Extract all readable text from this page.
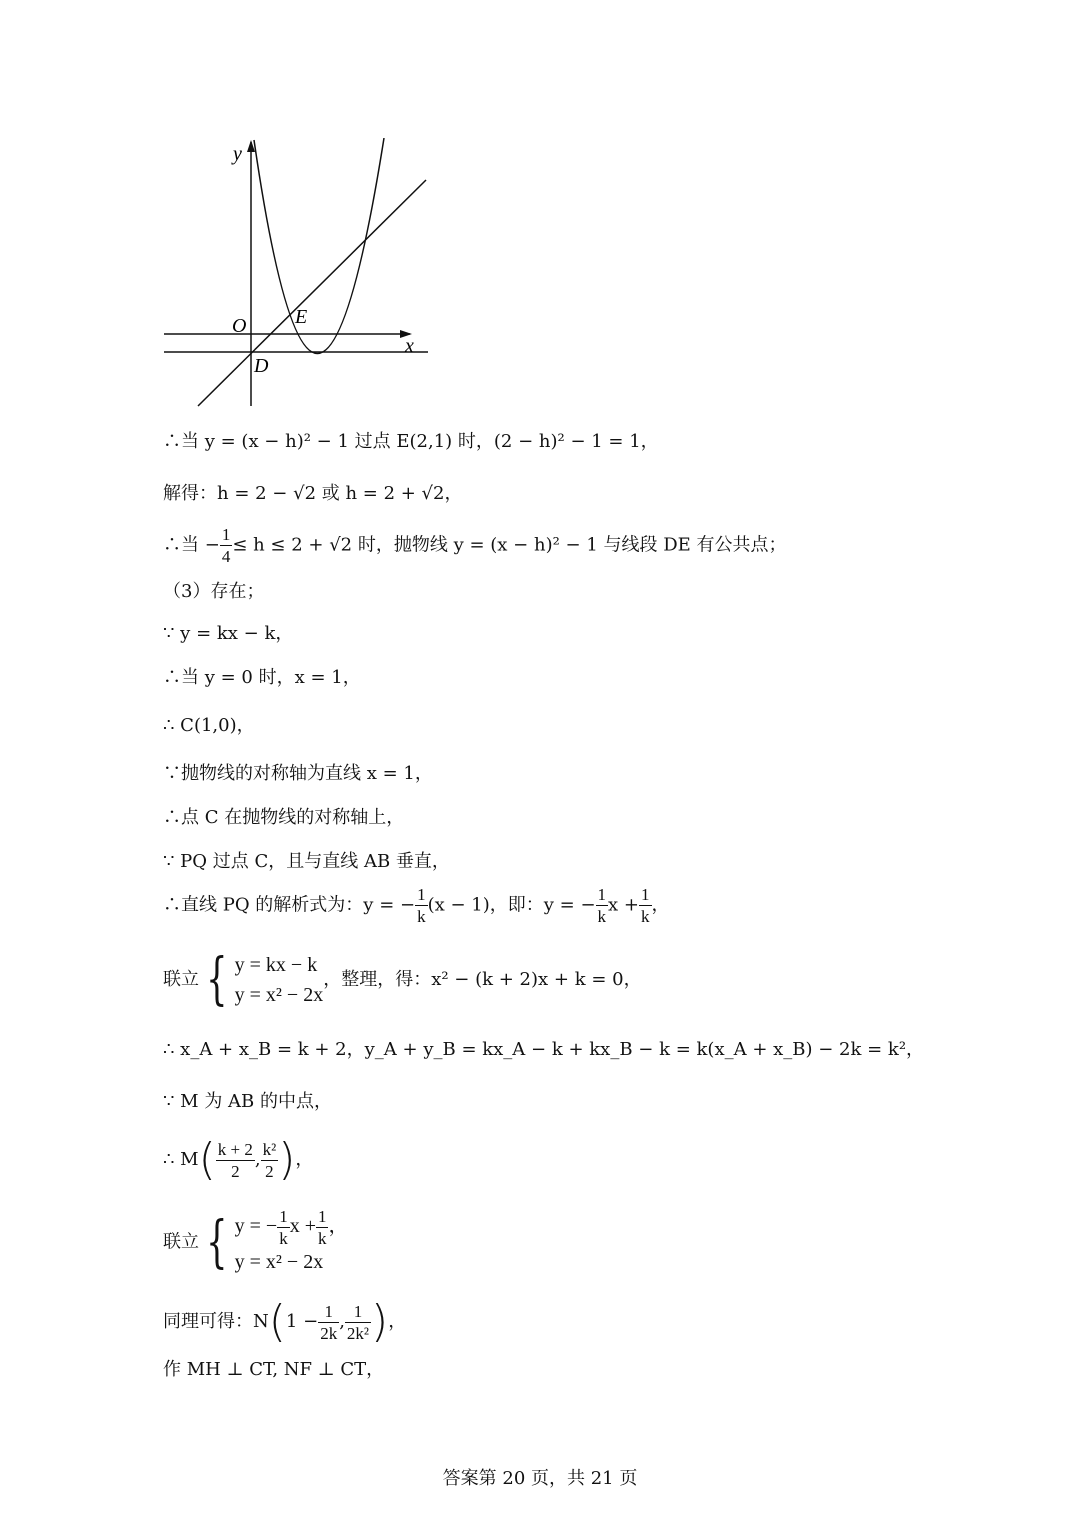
y
O E
D
x
∴当 y = (x − h)² − 1 过点 E(2,1) 时，(2 − h)² − 1 = 1，
解得：h = 2 − √2 或 h = 2 + √2，
∴当 − $\frac{1}{4} \le h \le 2 + √2$ 时，抛物线 y = (x − h)² − 1 与线段 DE 有公共点；
（3）存在；
∵ y = kx − k，
∴当 y = 0 时，x = 1，
∴ C(1,0)，
∵抛物线的对称轴为直线 x = 1，
∴点 C 在抛物线的对称轴上，
∵ PQ 过点 C，且与直线 AB 垂直，
∴直线 PQ 的解析式为：y = − $\frac{1}{k} (x - 1)$，即：y = − $\frac{1}{k}$ $x + \frac{1}{k}$ ，
联立 { y = kx − k
y = x² − 2x
，整理，得：x² − (k + 2)x + k = 0，
∴ x_A + x_B = k + 2，y_A + y_B = kx_A − k + kx_B − k = k(x_A + x_B) − 2k = k²，
∵ M 为 AB 的中点，
∴ $M( \frac{k + 2}{2}$ , $\frac{\text{k²}}{2}$ )，
联立 { y = − $\frac{1}{k}$ $x + \frac{1}{k}$ ，
y = x² − 2x
同理可得：$N(1 - \frac{1}{2k}$ , $\frac{1}{\text{2k²}}$ )，
作 MH ⊥ CT, NF ⊥ CT，
答案第 20 页，共 21 页
